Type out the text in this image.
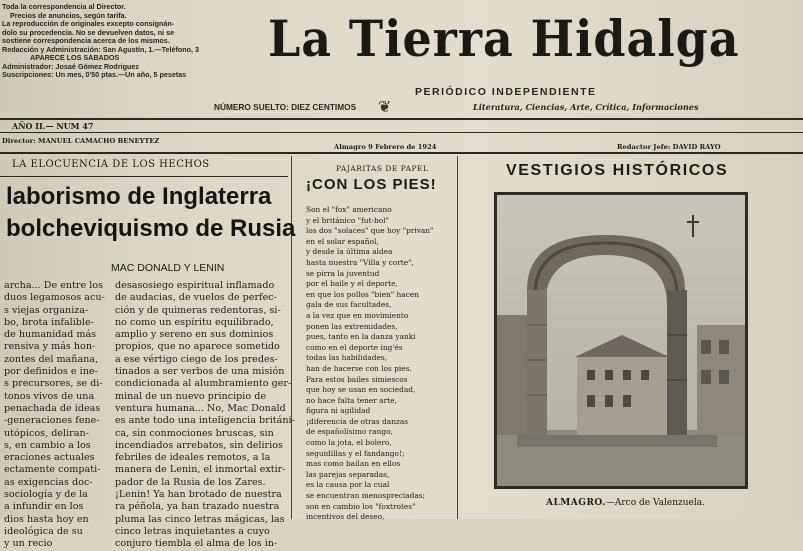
Toda la correspondencia al Director.
Precios de anuncios, según tarifa.
La reproducción de originales excepto consignán-
dolo su procedencia. No se devuelven datos, ni se
sostiene correspondencia acerca de los mismos.
Redacción y Administración: San Agustín, 1.—Teléfono, 3
APARECE LOS SÁBADOS
Administrador: Josaé Gómez Rodriguez
Suscripciones: Un mes, 0'50 ptas.—Un año, 5 pesetas
La Tierra Hidalga
PERIÓDICO INDEPENDIENTE
NÚMERO SUELTO: DIEZ CENTIMOS ❦	Literatura, Ciencias, Arte, Crítica, Informaciones
AÑO II.— NUM 47
Director: MANUEL CAMACHO BENEYTEZ
Almagro 9 Febrero de 1924	Redactor Jefe: DAVID RAYO
LA ELOCUENCIA DE LOS HECHOS
laborismo de Inglaterra
bolcheviquismo de Rusia
MAC DONALD Y LENIN
archa... De entre los
duos legamosos acu-
s viejas organiza-
bo, brota infalible-
de humanidad más
rensiva y más hon-
zontes del mañana,
por definidos e ine-
s precursores, se di-
tonos vivos de una
penachada de ideas
-generaciones fene-
utópicos, deliran-
s, en cambio a los
eraciones actuales
ectamente compati-
as exigencias doc-
sociología y de la
a infundir en los
dios hasta hoy en
ideológica de su
y un recio
desasosiego espiritual inflamado
de audacias, de vuelos de perfec-
ción y de quimeras redentoras, si-
no como un espíritu equilibrado,
amplio y sereno en sus dominios
propios, que no aparece sometido
a ese vértigo ciego de los predes-
tinados a ser verbos de una misión
condicionada al alumbramiento ger-
minal de un nuevo principio de
ventura humana... No, Mac Donald
es ante todo una inteligencia británi-
ca, sin conmociones bruscas, sin
incendiados arrebatos, sin delirios
febriles de ideales remotos, a la
manera de Lenin, el inmortal extir-
pador de la Rusia de los Zares.
¡Lenin! Ya han brotado de nuestra
ra péñola, ya han trazado nuestra
pluma las cinco letras mágicas, las
cinco letras inquietantes a cuyo
conjuro tiembla el alma de los in-
PAJARITAS DE PAPEL
¡CON LOS PIES!
Son el "fox" americano
y el británico "fut-bol"
los dos "solaces" que hoy "privan"
en el solar español,
y desde la última aldea
hasta nuestra "Villa y corte",
se pirra la juventud
por el baile y el deporte,
en que los pollos "bien" hacen
gala de sus facultades,
a la vez que en movimiento
ponen las extremidades,
pues, tanto en la danza yanki
como en el deporte ing'és
todas las habilidades,
han de hacerse con los pies.
Para estos bailes simiescos
que hoy se usan en sociedad,
no hace falta tener arte,
figura ni agilidad
¡diferencia de otras danzas
de españolísimo rango,
como la jota, el bolero,
seguidillas y el fandango!;
mas como bailan en ellos
las parejas separadas,
es la causa por la cual
se encuentran menospreciadas;
son en cambio los "foxtrotes"
incentivos del deseo,
VESTIGIOS HISTÓRICOS
ALMAGRO.—Arco de Valenzuela.
